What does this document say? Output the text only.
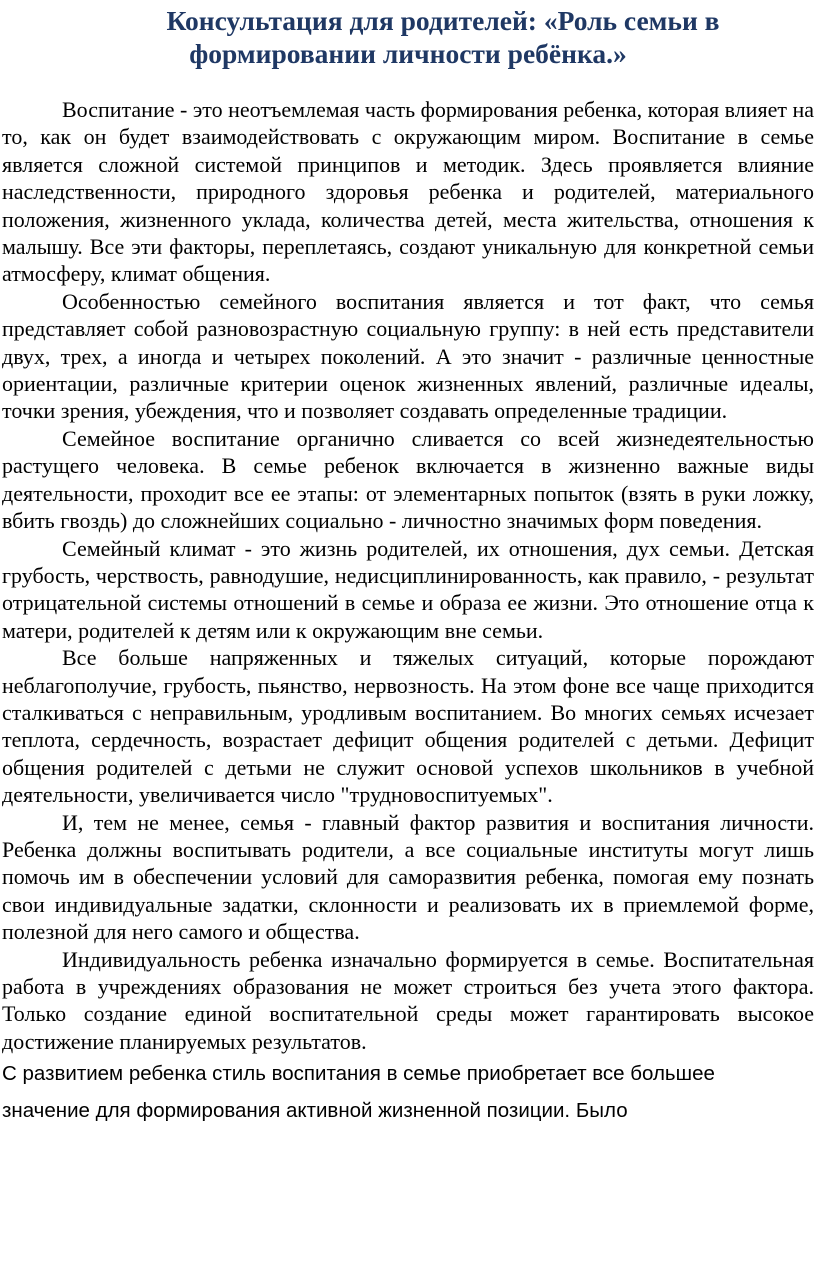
Консультация для родителей: «Роль семьи в
формировании личности ребёнка.»

Воспитание - это неотъемлемая часть формирования ребенка, которая влияет на то, как он будет взаимодействовать с окружающим миром. Воспитание в семье является сложной системой принципов и методик. Здесь проявляется влияние наследственности, природного здоровья ребенка и родителей, материального положения, жизненного уклада, количества детей, места жительства, отношения к малышу. Все эти факторы, переплетаясь, создают уникальную для конкретной семьи атмосферу, климат общения.

Особенностью семейного воспитания является и тот факт, что семья представляет собой разновозрастную социальную группу: в ней есть представители двух, трех, а иногда и четырех поколений. А это значит - различные ценностные ориентации, различные критерии оценок жизненных явлений, различные идеалы, точки зрения, убеждения, что и позволяет создавать определенные традиции.

Семейное воспитание органично сливается со всей жизнедеятельностью растущего человека. В семье ребенок включается в жизненно важные виды деятельности, проходит все ее этапы: от элементарных попыток (взять в руки ложку, вбить гвоздь) до сложнейших социально - личностно значимых форм поведения.

Семейный климат - это жизнь родителей, их отношения, дух семьи. Детская грубость, черствость, равнодушие, недисциплинированность, как правило, - результат отрицательной системы отношений в семье и образа ее жизни. Это отношение отца к матери, родителей к детям или к окружающим вне семьи.

Все больше напряженных и тяжелых ситуаций, которые порождают неблагополучие, грубость, пьянство, нервозность. На этом фоне все чаще приходится сталкиваться с неправильным, уродливым воспитанием. Во многих семьях исчезает теплота, сердечность, возрастает дефицит общения родителей с детьми. Дефицит общения родителей с детьми не служит основой успехов школьников в учебной деятельности, увеличивается число "трудновоспитуемых".

И, тем не менее, семья - главный фактор развития и воспитания личности. Ребенка должны воспитывать родители, а все социальные институты могут лишь помочь им в обеспечении условий для саморазвития ребенка, помогая ему познать свои индивидуальные задатки, склонности и реализовать их в приемлемой форме, полезной для него самого и общества.

Индивидуальность ребенка изначально формируется в семье. Воспитательная работа в учреждениях образования не может строиться без учета этого фактора. Только создание единой воспитательной среды может гарантировать высокое достижение планируемых результатов.

С развитием ребенка стиль воспитания в семье приобретает все большее
значение для формирования активной жизненной позиции. Было
